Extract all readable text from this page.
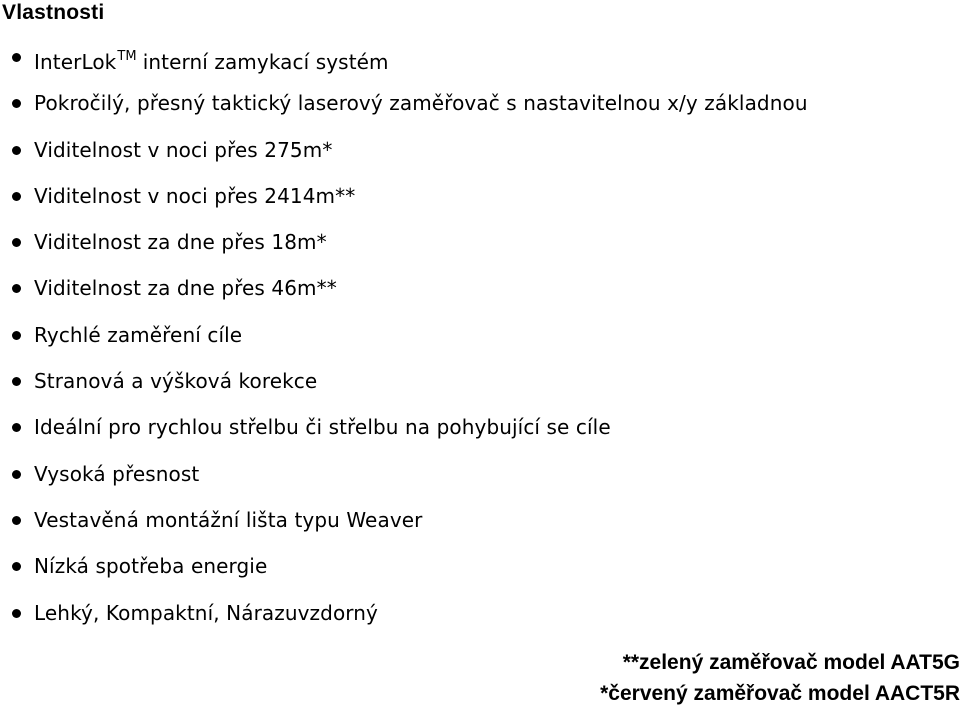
Vlastnosti
InterLok™ interní zamykací systém
Pokročilý, přesný taktický laserový zaměřovač s nastavitelnou x/y základnou
Viditelnost v noci přes 275m*
Viditelnost v noci přes 2414m**
Viditelnost za dne přes 18m*
Viditelnost za dne přes 46m**
Rychlé zaměření cíle
Stranová a výšková korekce
Ideální pro rychlou střelbu či střelbu na pohybující se cíle
Vysoká přesnost
Vestavěná montážní lišta typu Weaver
Nízká spotřeba energie
Lehký, Kompaktní, Nárazuvzdorný
**zelený zaměřovač model AAT5G
*červený zaměřovač model AACT5R
